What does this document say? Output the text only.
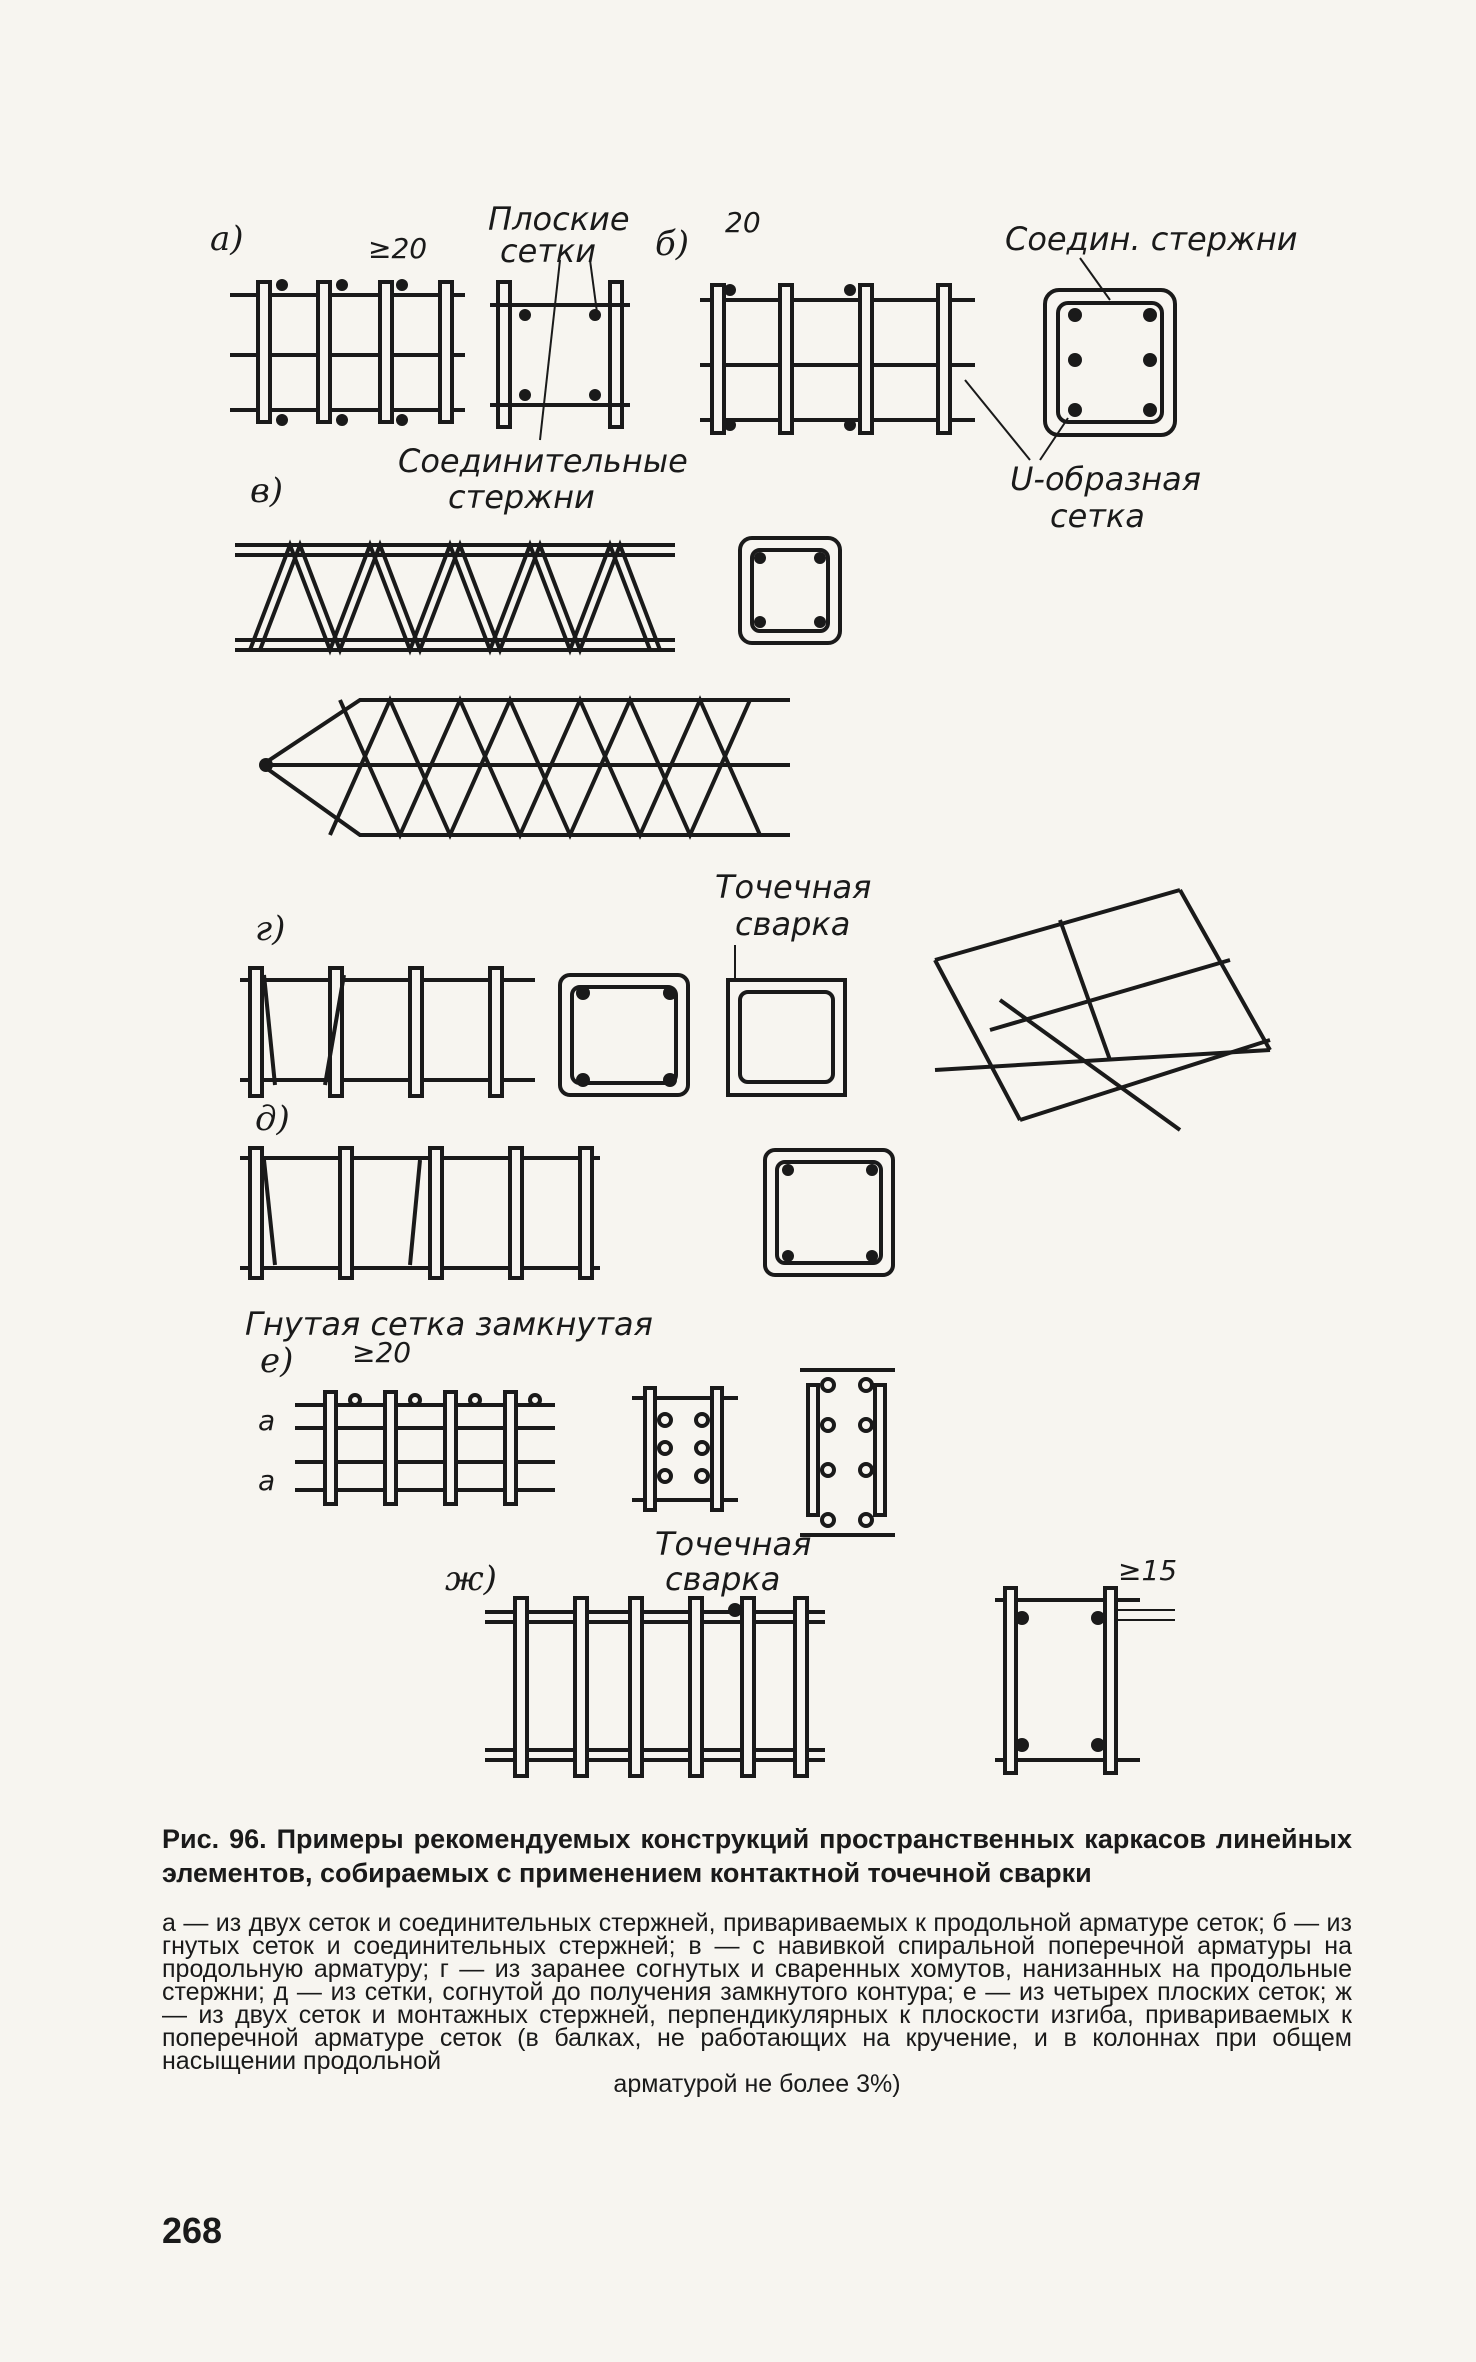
а)	≥20
Плоские
сетки
Соединительные
стержни
б)
20	Соедин. стержни
U-образная
сетка
в)
Точечная
сварка
г)
д)
Гнутая сетка замкнутая
е) ≥20
a
a
Точечная
сварка
ж)	≥15
Рис. 96. Примеры рекомендуемых конструкций пространственных каркасов линейных элементов, собираемых с применением контактной точечной сварки
а — из двух сеток и соединительных стержней, привариваемых к продольной арматуре сеток; б — из гнутых сеток и соединительных стержней; в — с навивкой спиральной поперечной арматуры на продольную арматуру; г — из заранее согнутых и сваренных хомутов, нанизанных на продольные стержни; д — из сетки, согнутой до получения замкнутого контура; е — из четырех плоских сеток; ж — из двух сеток и монтажных стержней, перпендикулярных к плоскости изгиба, привариваемых к поперечной арматуре сеток (в балках, не работающих на кручение, и в колоннах при общем насыщении продольной
арматурой не более 3%)
268
